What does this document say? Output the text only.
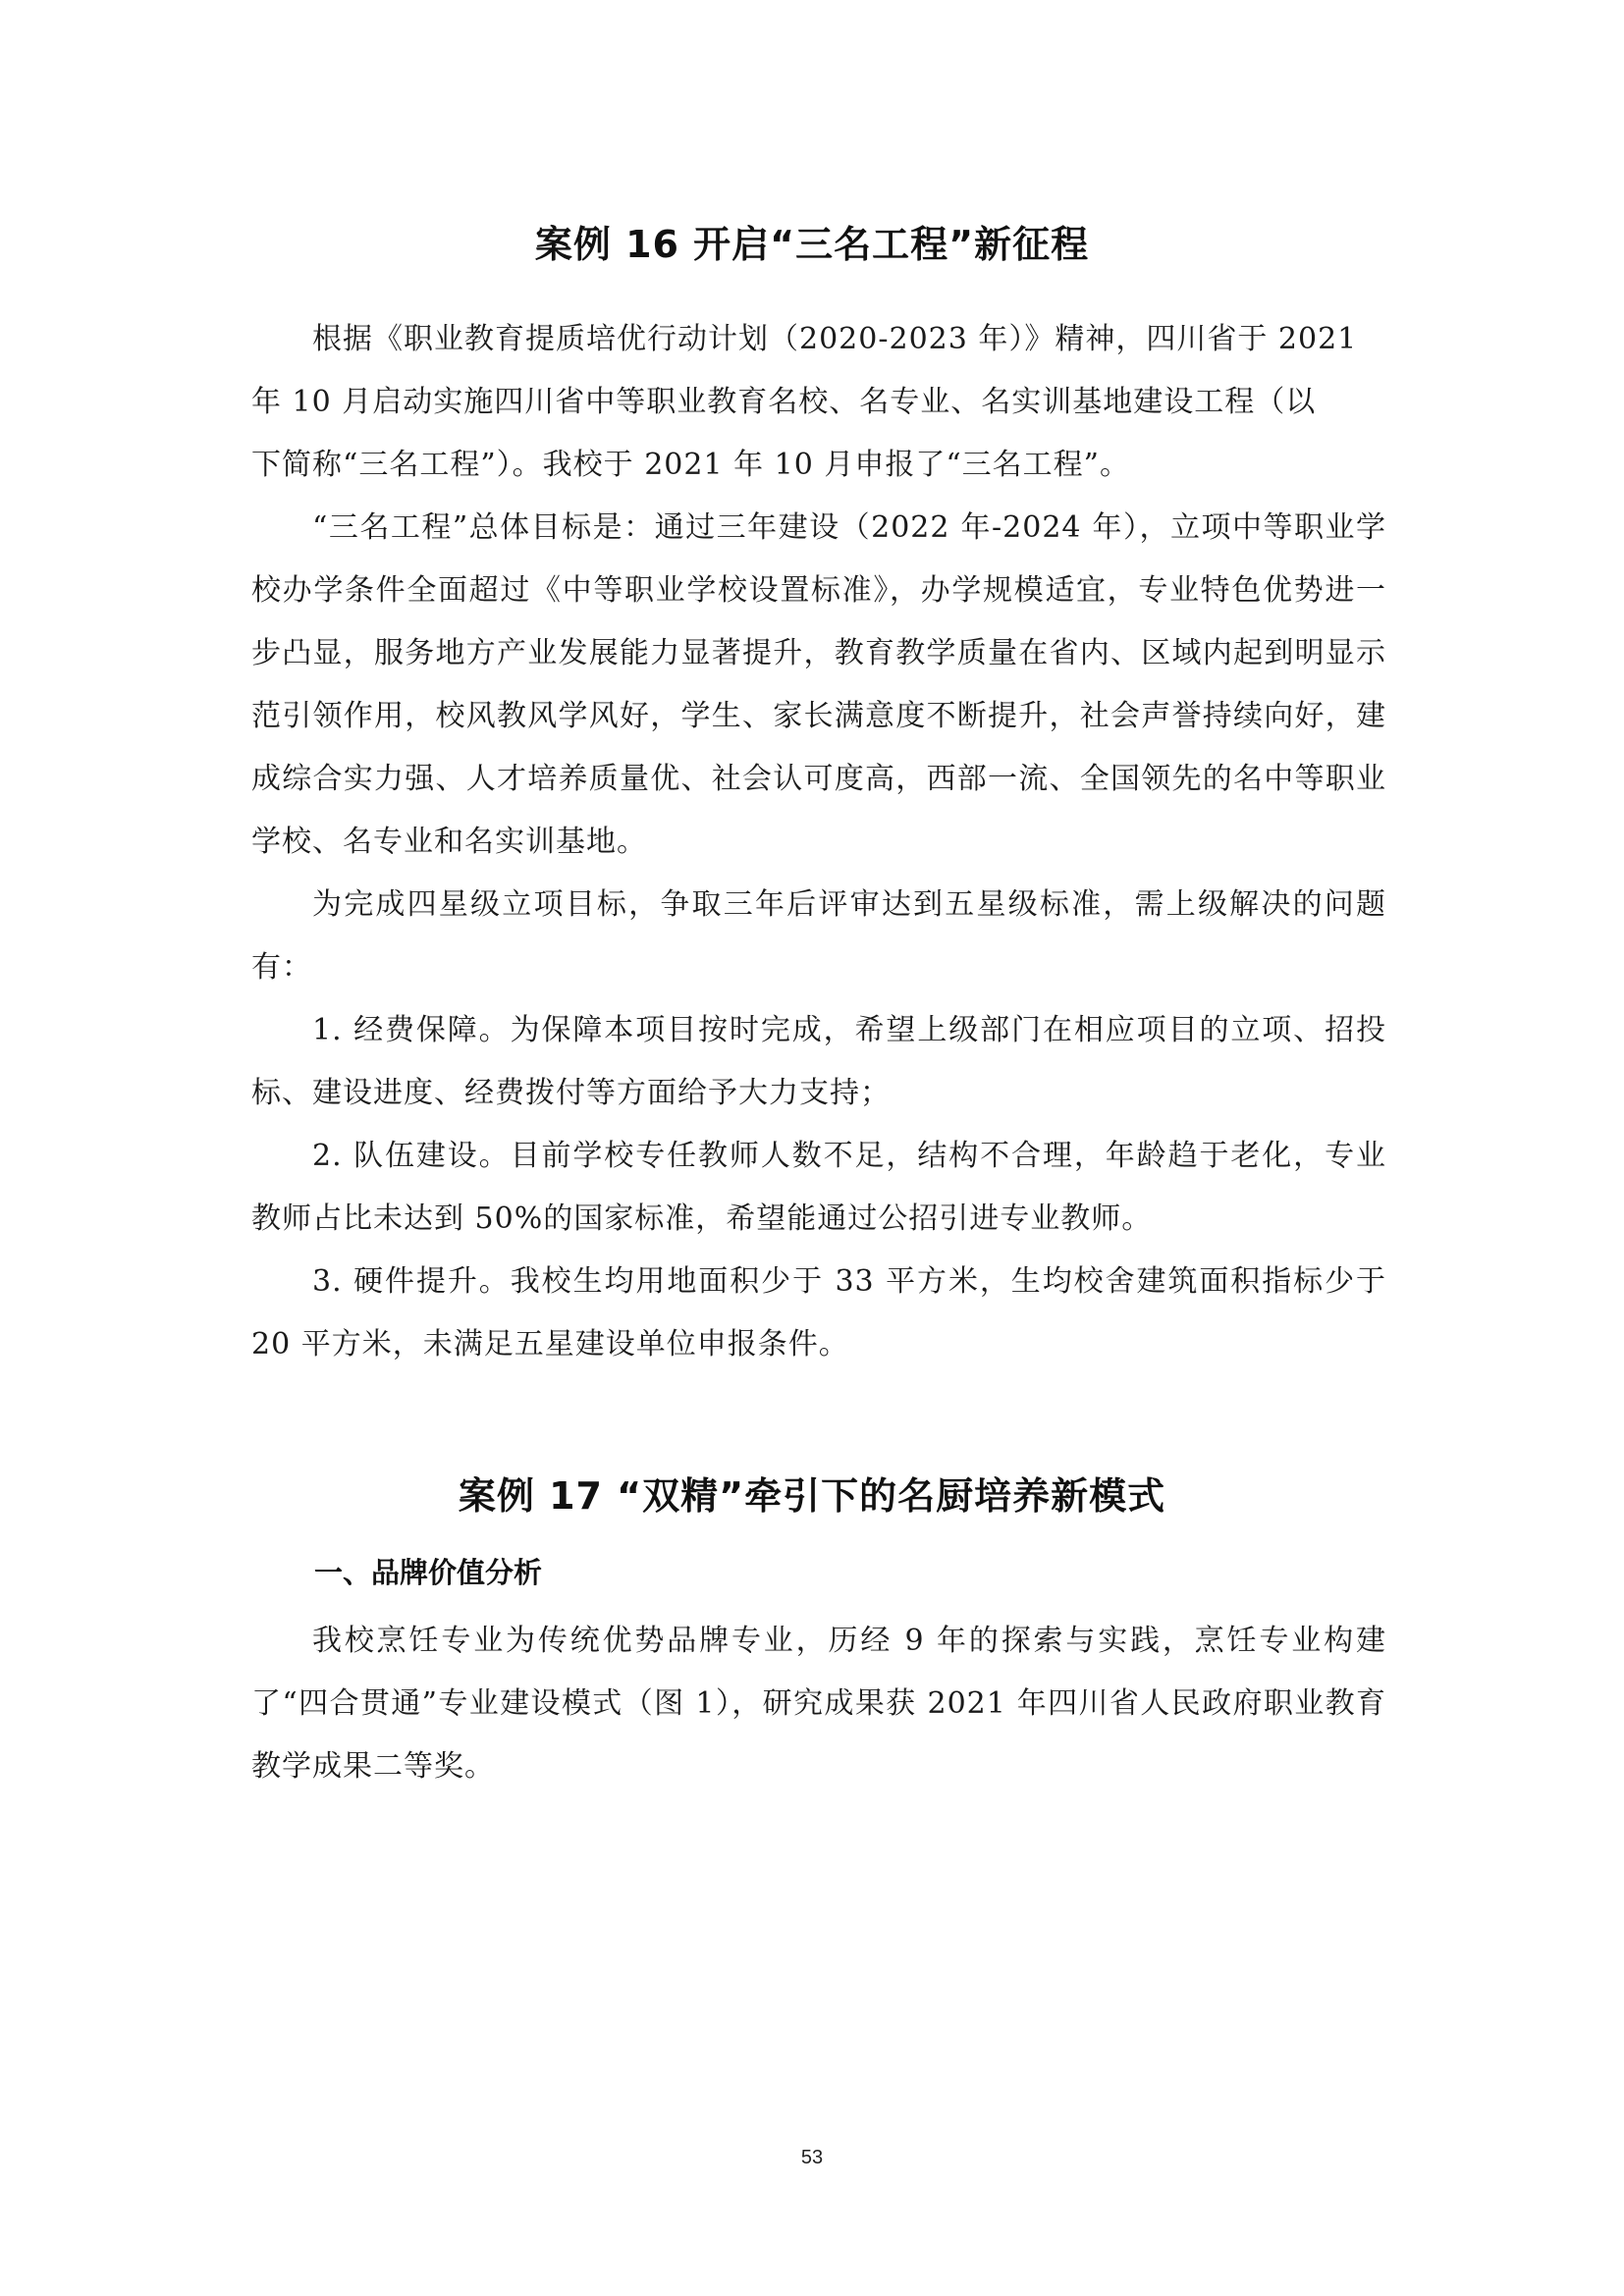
案例 16 开启“三名工程”新征程

根据《职业教育提质培优行动计划（2020-2023 年）》精神，四川省于 2021

年 10 月启动实施四川省中等职业教育名校、名专业、名实训基地建设工程（以

下简称“三名工程”）。我校于 2021 年 10 月申报了“三名工程”。

“三名工程”总体目标是：通过三年建设（2022 年-2024 年），立项中等职业学校办学条件全面超过《中等职业学校设置标准》，办学规模适宜，专业特色优势进一步凸显，服务地方产业发展能力显著提升，教育教学质量在省内、区域内起到明显示范引领作用，校风教风学风好，学生、家长满意度不断提升，社会声誉持续向好，建成综合实力强、人才培养质量优、社会认可度高，西部一流、全国领先的名中等职业学校、名专业和名实训基地。

为完成四星级立项目标，争取三年后评审达到五星级标准，需上级解决的问题有：

1. 经费保障。为保障本项目按时完成，希望上级部门在相应项目的立项、招投标、建设进度、经费拨付等方面给予大力支持；

2. 队伍建设。目前学校专任教师人数不足，结构不合理，年龄趋于老化，专业教师占比未达到 50%的国家标准，希望能通过公招引进专业教师。

3. 硬件提升。我校生均用地面积少于 33 平方米，生均校舍建筑面积指标少于 20 平方米，未满足五星建设单位申报条件。

案例 17 “双精”牵引下的名厨培养新模式
一、品牌价值分析

我校烹饪专业为传统优势品牌专业，历经 9 年的探索与实践，烹饪专业构建了“四合贯通”专业建设模式（图 1），研究成果获 2021 年四川省人民政府职业教育教学成果二等奖。

53
